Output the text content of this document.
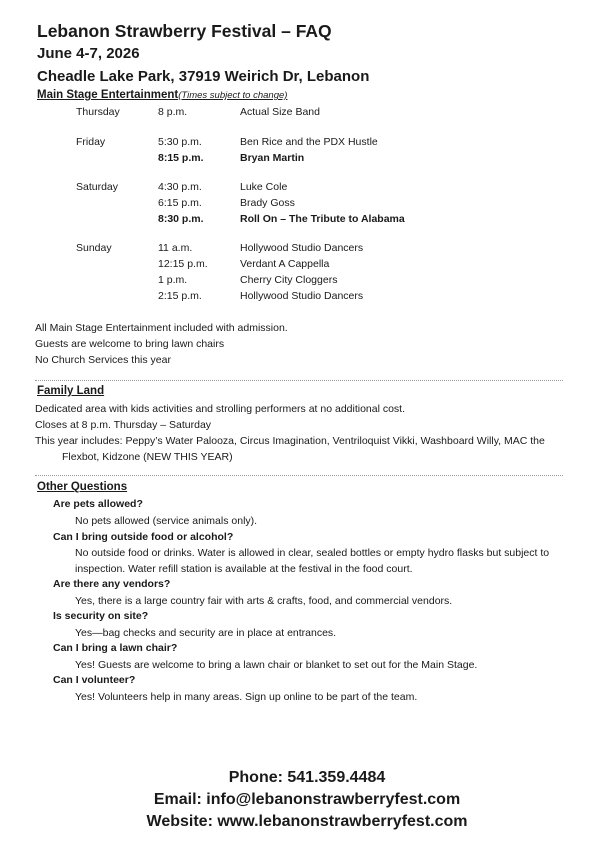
Lebanon Strawberry Festival – FAQ
June 4-7, 2026
Cheadle Lake Park, 37919 Weirich Dr, Lebanon
Main Stage Entertainment(Times subject to change)
Thursday	8 p.m.	Actual Size Band
Friday	5:30 p.m.	Ben Rice and the PDX Hustle
8:15 p.m.	Bryan Martin
Saturday	4:30 p.m.	Luke Cole
6:15 p.m.	Brady Goss
8:30 p.m.	Roll On – The Tribute to Alabama
Sunday	11 a.m.	Hollywood Studio Dancers
12:15 p.m.	Verdant A Cappella
1 p.m.	Cherry City Cloggers
2:15 p.m.	Hollywood Studio Dancers
All Main Stage Entertainment included with admission.
Guests are welcome to bring lawn chairs
No Church Services this year
Family Land
Dedicated area with kids activities and strolling performers at no additional cost.
Closes at 8 p.m. Thursday – Saturday
This year includes: Peppy’s Water Palooza, Circus Imagination, Ventriloquist Vikki, Washboard Willy, MAC the
Flexbot, Kidzone (NEW THIS YEAR)
Other Questions
Are pets allowed?
No pets allowed (service animals only).
Can I bring outside food or alcohol?
No outside food or drinks. Water is allowed in clear, sealed bottles or empty hydro flasks but subject to inspection. Water refill station is available at the festival in the food court.
Are there any vendors?
Yes, there is a large country fair with arts & crafts, food, and commercial vendors.
Is security on site?
Yes—bag checks and security are in place at entrances.
Can I bring a lawn chair?
Yes! Guests are welcome to bring a lawn chair or blanket to set out for the Main Stage.
Can I volunteer?
Yes! Volunteers help in many areas. Sign up online to be part of the team.
Phone: 541.359.4484
Email: info@lebanonstrawberryfest.com
Website: www.lebanonstrawberryfest.com
